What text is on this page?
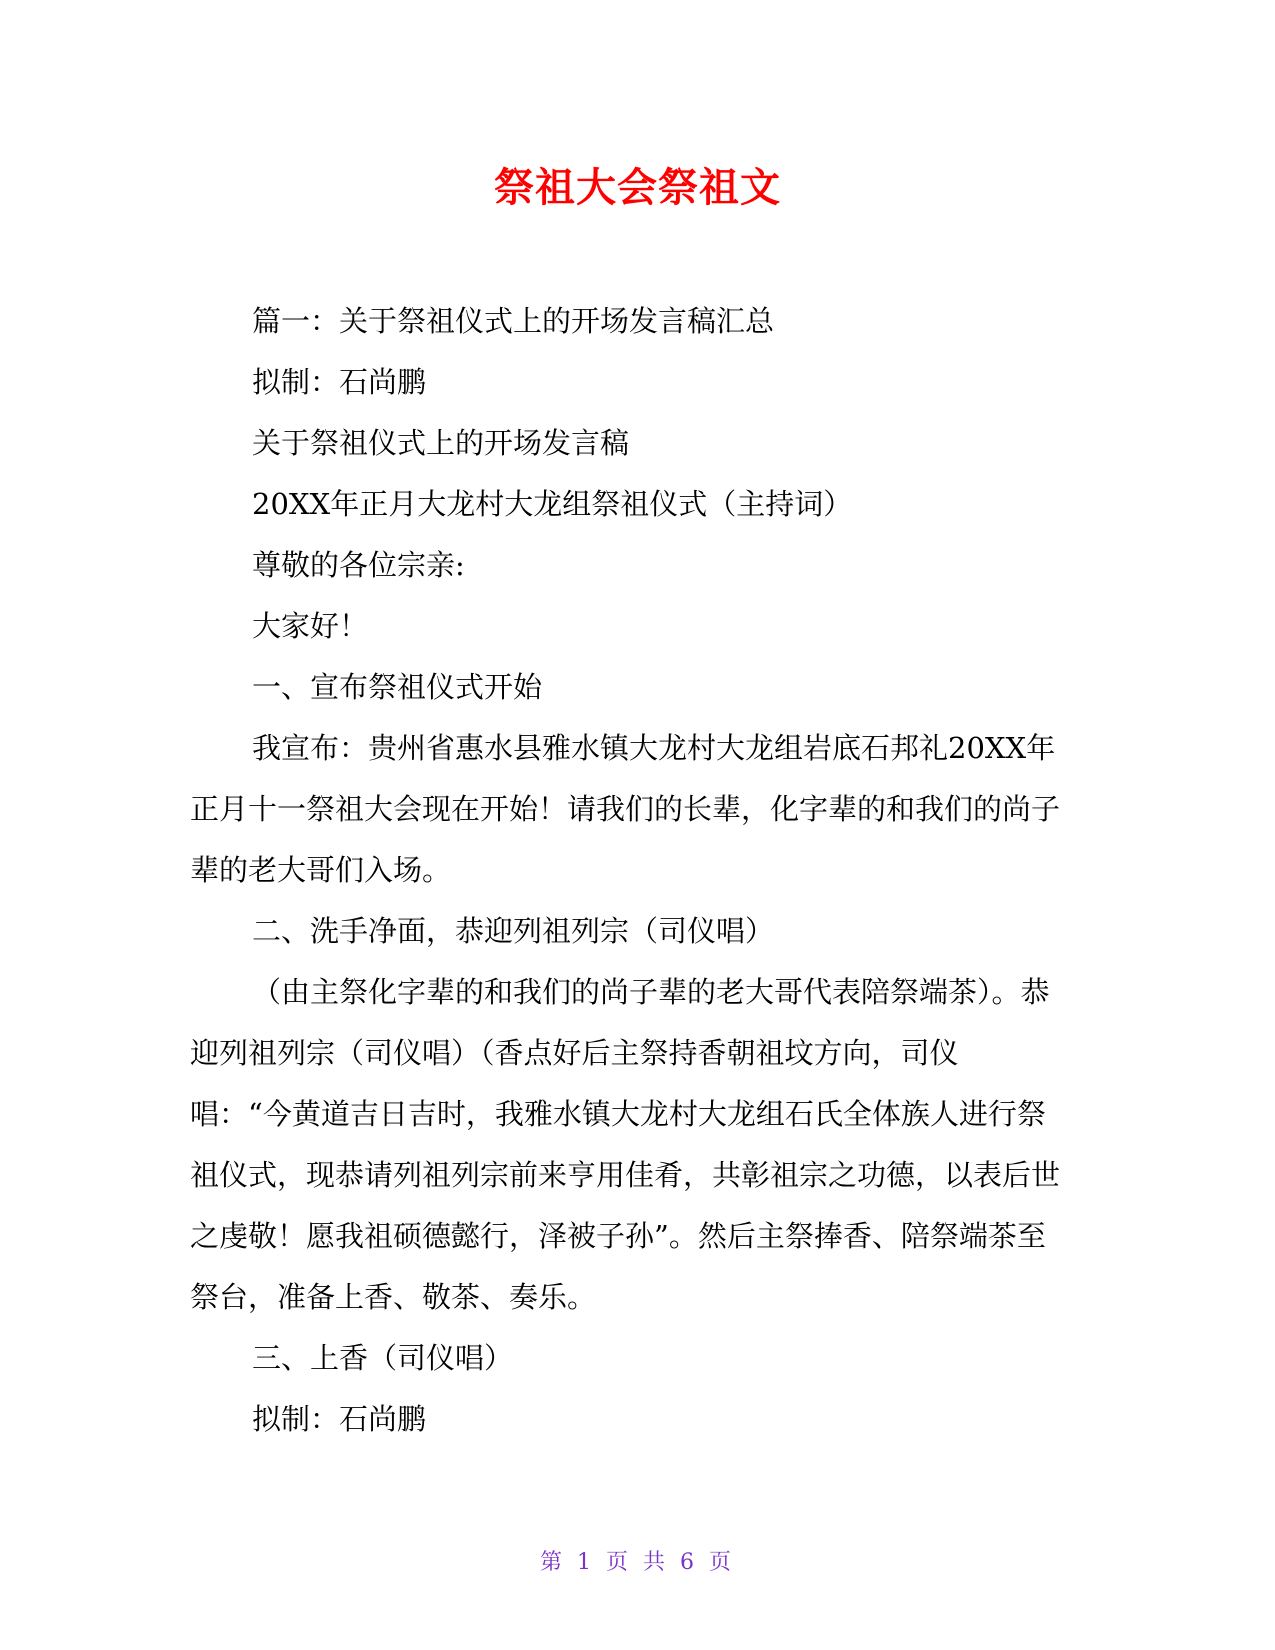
祭祖大会祭祖文

篇一：关于祭祖仪式上的开场发言稿汇总

拟制：石尚鹏

关于祭祖仪式上的开场发言稿

20XX年正月大龙村大龙组祭祖仪式（主持词）

尊敬的各位宗亲:

大家好！

一、宣布祭祖仪式开始

我宣布：贵州省惠水县雅水镇大龙村大龙组岩底石邦礼20XX年正月十一祭祖大会现在开始！请我们的长辈，化字辈的和我们的尚子辈的老大哥们入场。

二、洗手净面，恭迎列祖列宗（司仪唱）

（由主祭化字辈的和我们的尚子辈的老大哥代表陪祭端茶）。恭迎列祖列宗（司仪唱）（香点好后主祭持香朝祖坟方向，司仪唱：“今黄道吉日吉时，我雅水镇大龙村大龙组石氏全体族人进行祭祖仪式，现恭请列祖列宗前来亨用佳肴，共彰祖宗之功德，以表后世之虔敬！愿我祖硕德懿行，泽被子孙”。然后主祭捧香、陪祭端茶至祭台，准备上香、敬茶、奏乐。

三、上香（司仪唱）

拟制：石尚鹏

第 1 页 共 6 页
